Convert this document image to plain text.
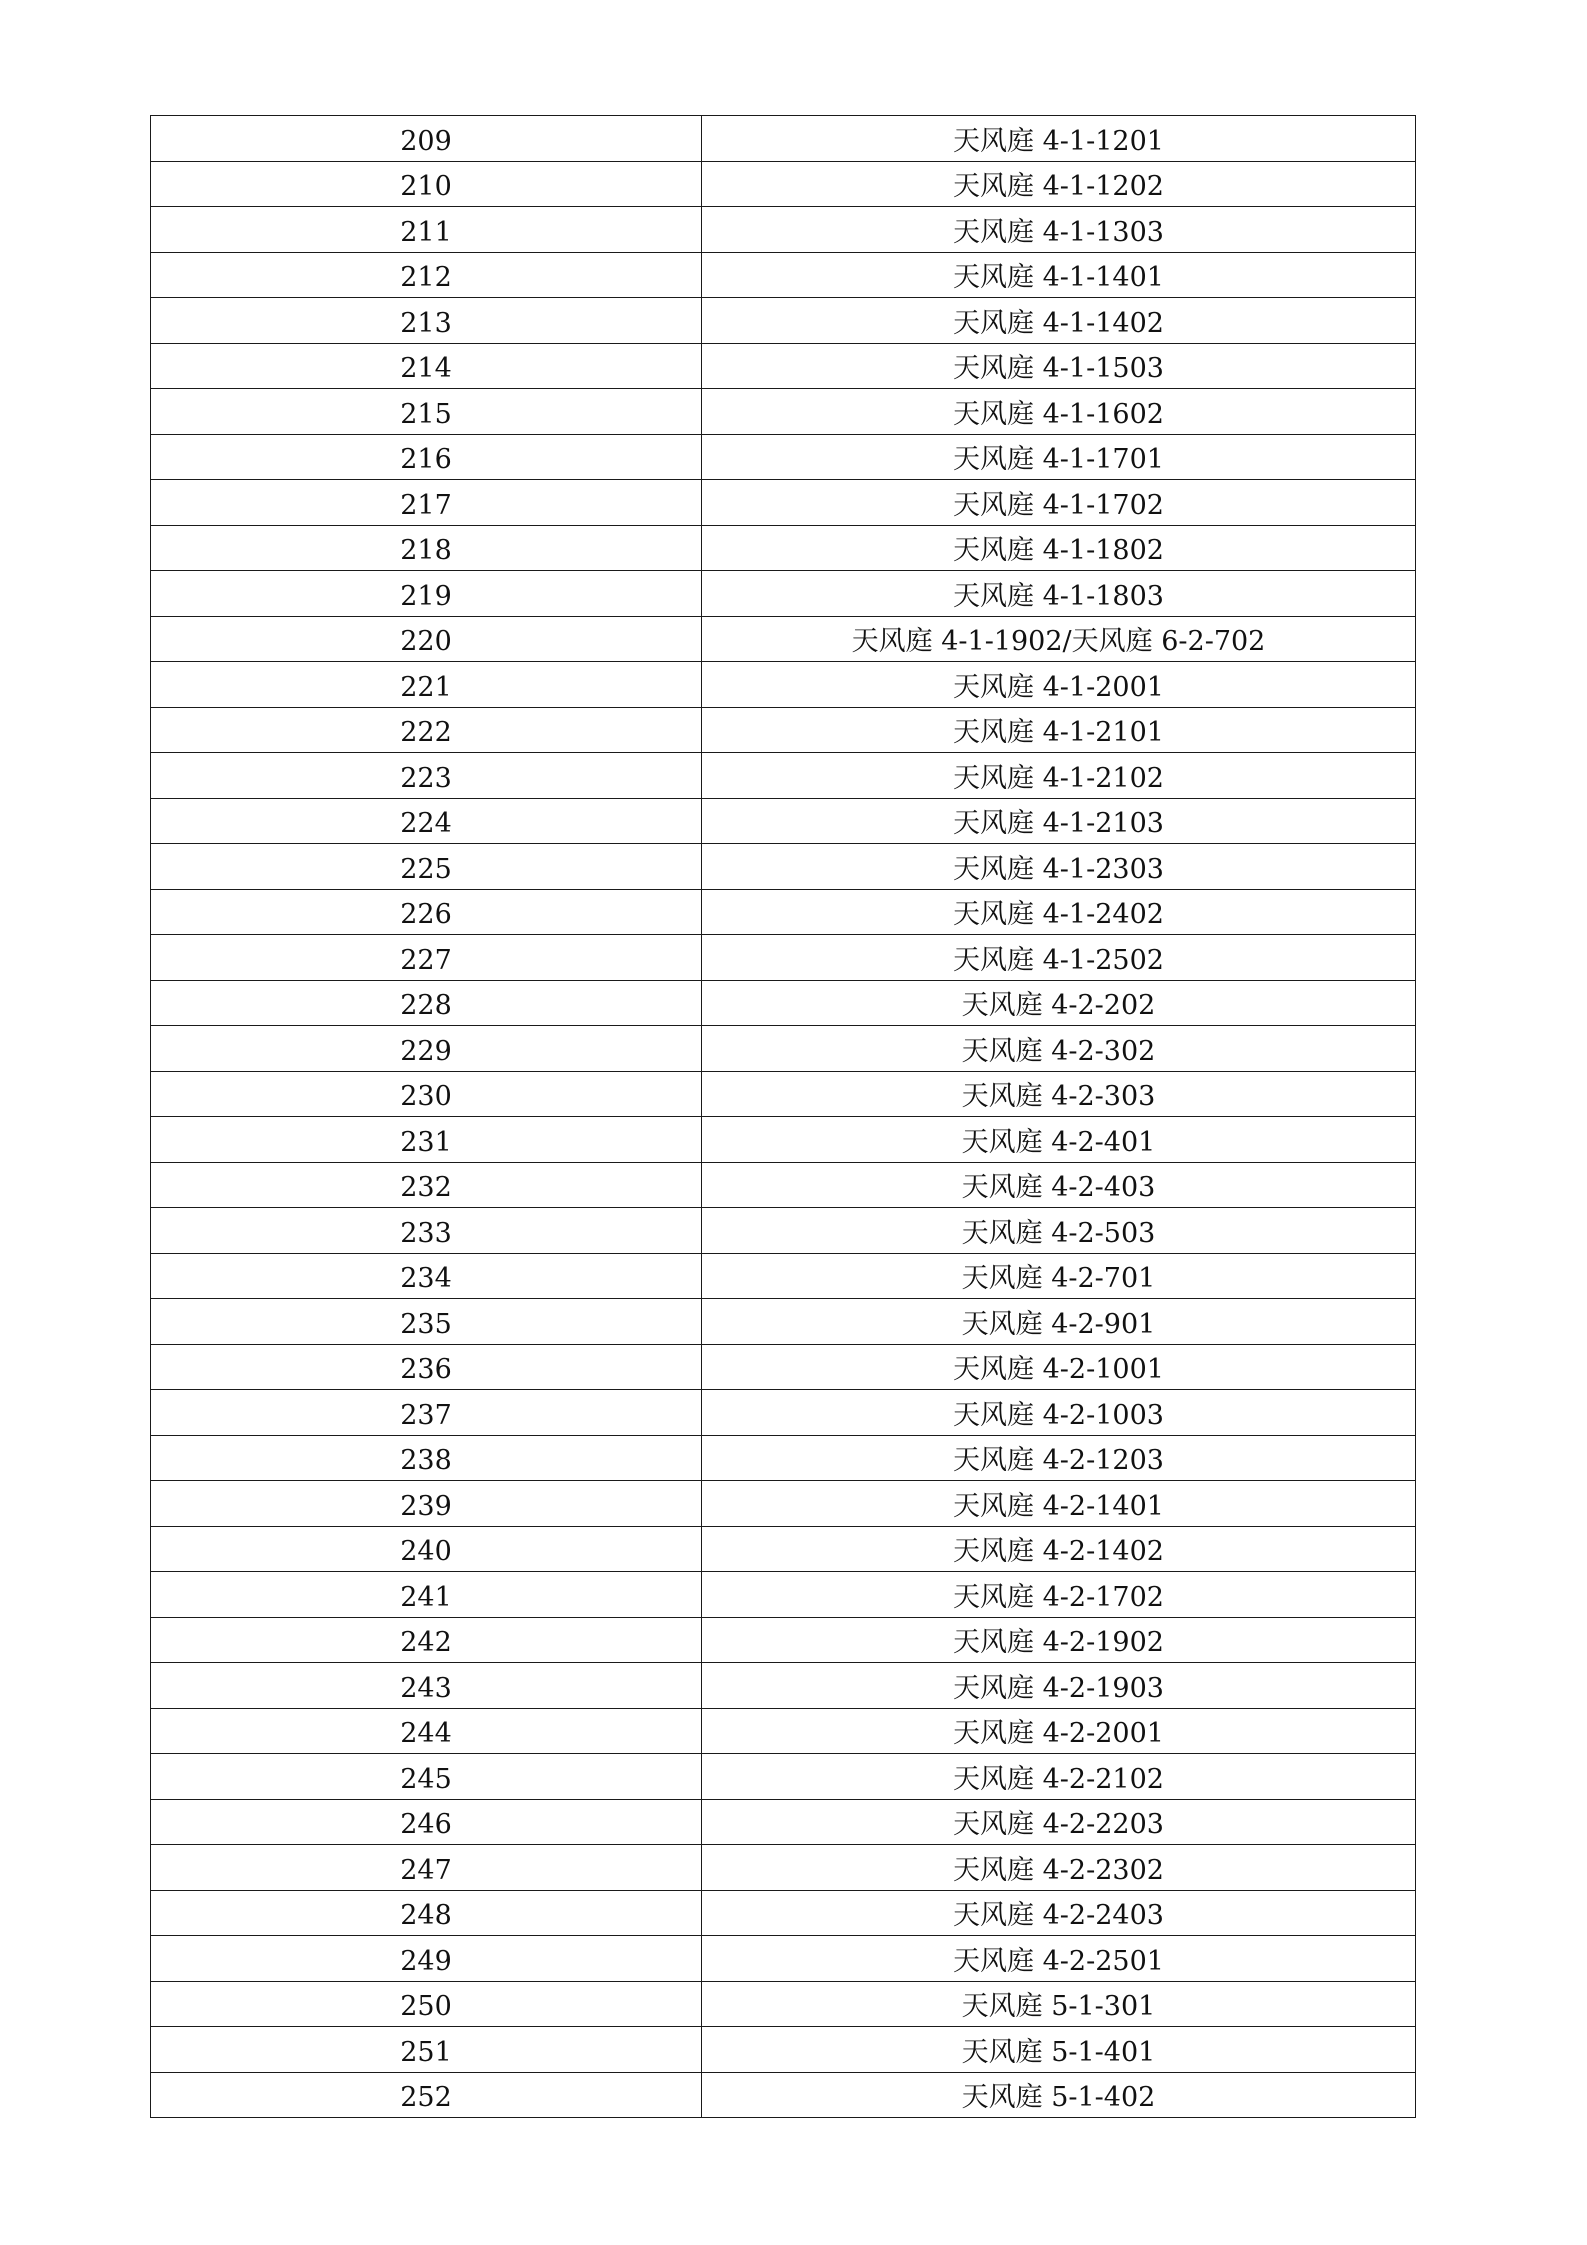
209	天风庭 4-1-1201
210	天风庭 4-1-1202
211	天风庭 4-1-1303
212	天风庭 4-1-1401
213	天风庭 4-1-1402
214	天风庭 4-1-1503
215	天风庭 4-1-1602
216	天风庭 4-1-1701
217	天风庭 4-1-1702
218	天风庭 4-1-1802
219	天风庭 4-1-1803
220	天风庭 4-1-1902/天风庭 6-2-702
221	天风庭 4-1-2001
222	天风庭 4-1-2101
223	天风庭 4-1-2102
224	天风庭 4-1-2103
225	天风庭 4-1-2303
226	天风庭 4-1-2402
227	天风庭 4-1-2502
228	天风庭 4-2-202
229	天风庭 4-2-302
230	天风庭 4-2-303
231	天风庭 4-2-401
232	天风庭 4-2-403
233	天风庭 4-2-503
234	天风庭 4-2-701
235	天风庭 4-2-901
236	天风庭 4-2-1001
237	天风庭 4-2-1003
238	天风庭 4-2-1203
239	天风庭 4-2-1401
240	天风庭 4-2-1402
241	天风庭 4-2-1702
242	天风庭 4-2-1902
243	天风庭 4-2-1903
244	天风庭 4-2-2001
245	天风庭 4-2-2102
246	天风庭 4-2-2203
247	天风庭 4-2-2302
248	天风庭 4-2-2403
249	天风庭 4-2-2501
250	天风庭 5-1-301
251	天风庭 5-1-401
252	天风庭 5-1-402
